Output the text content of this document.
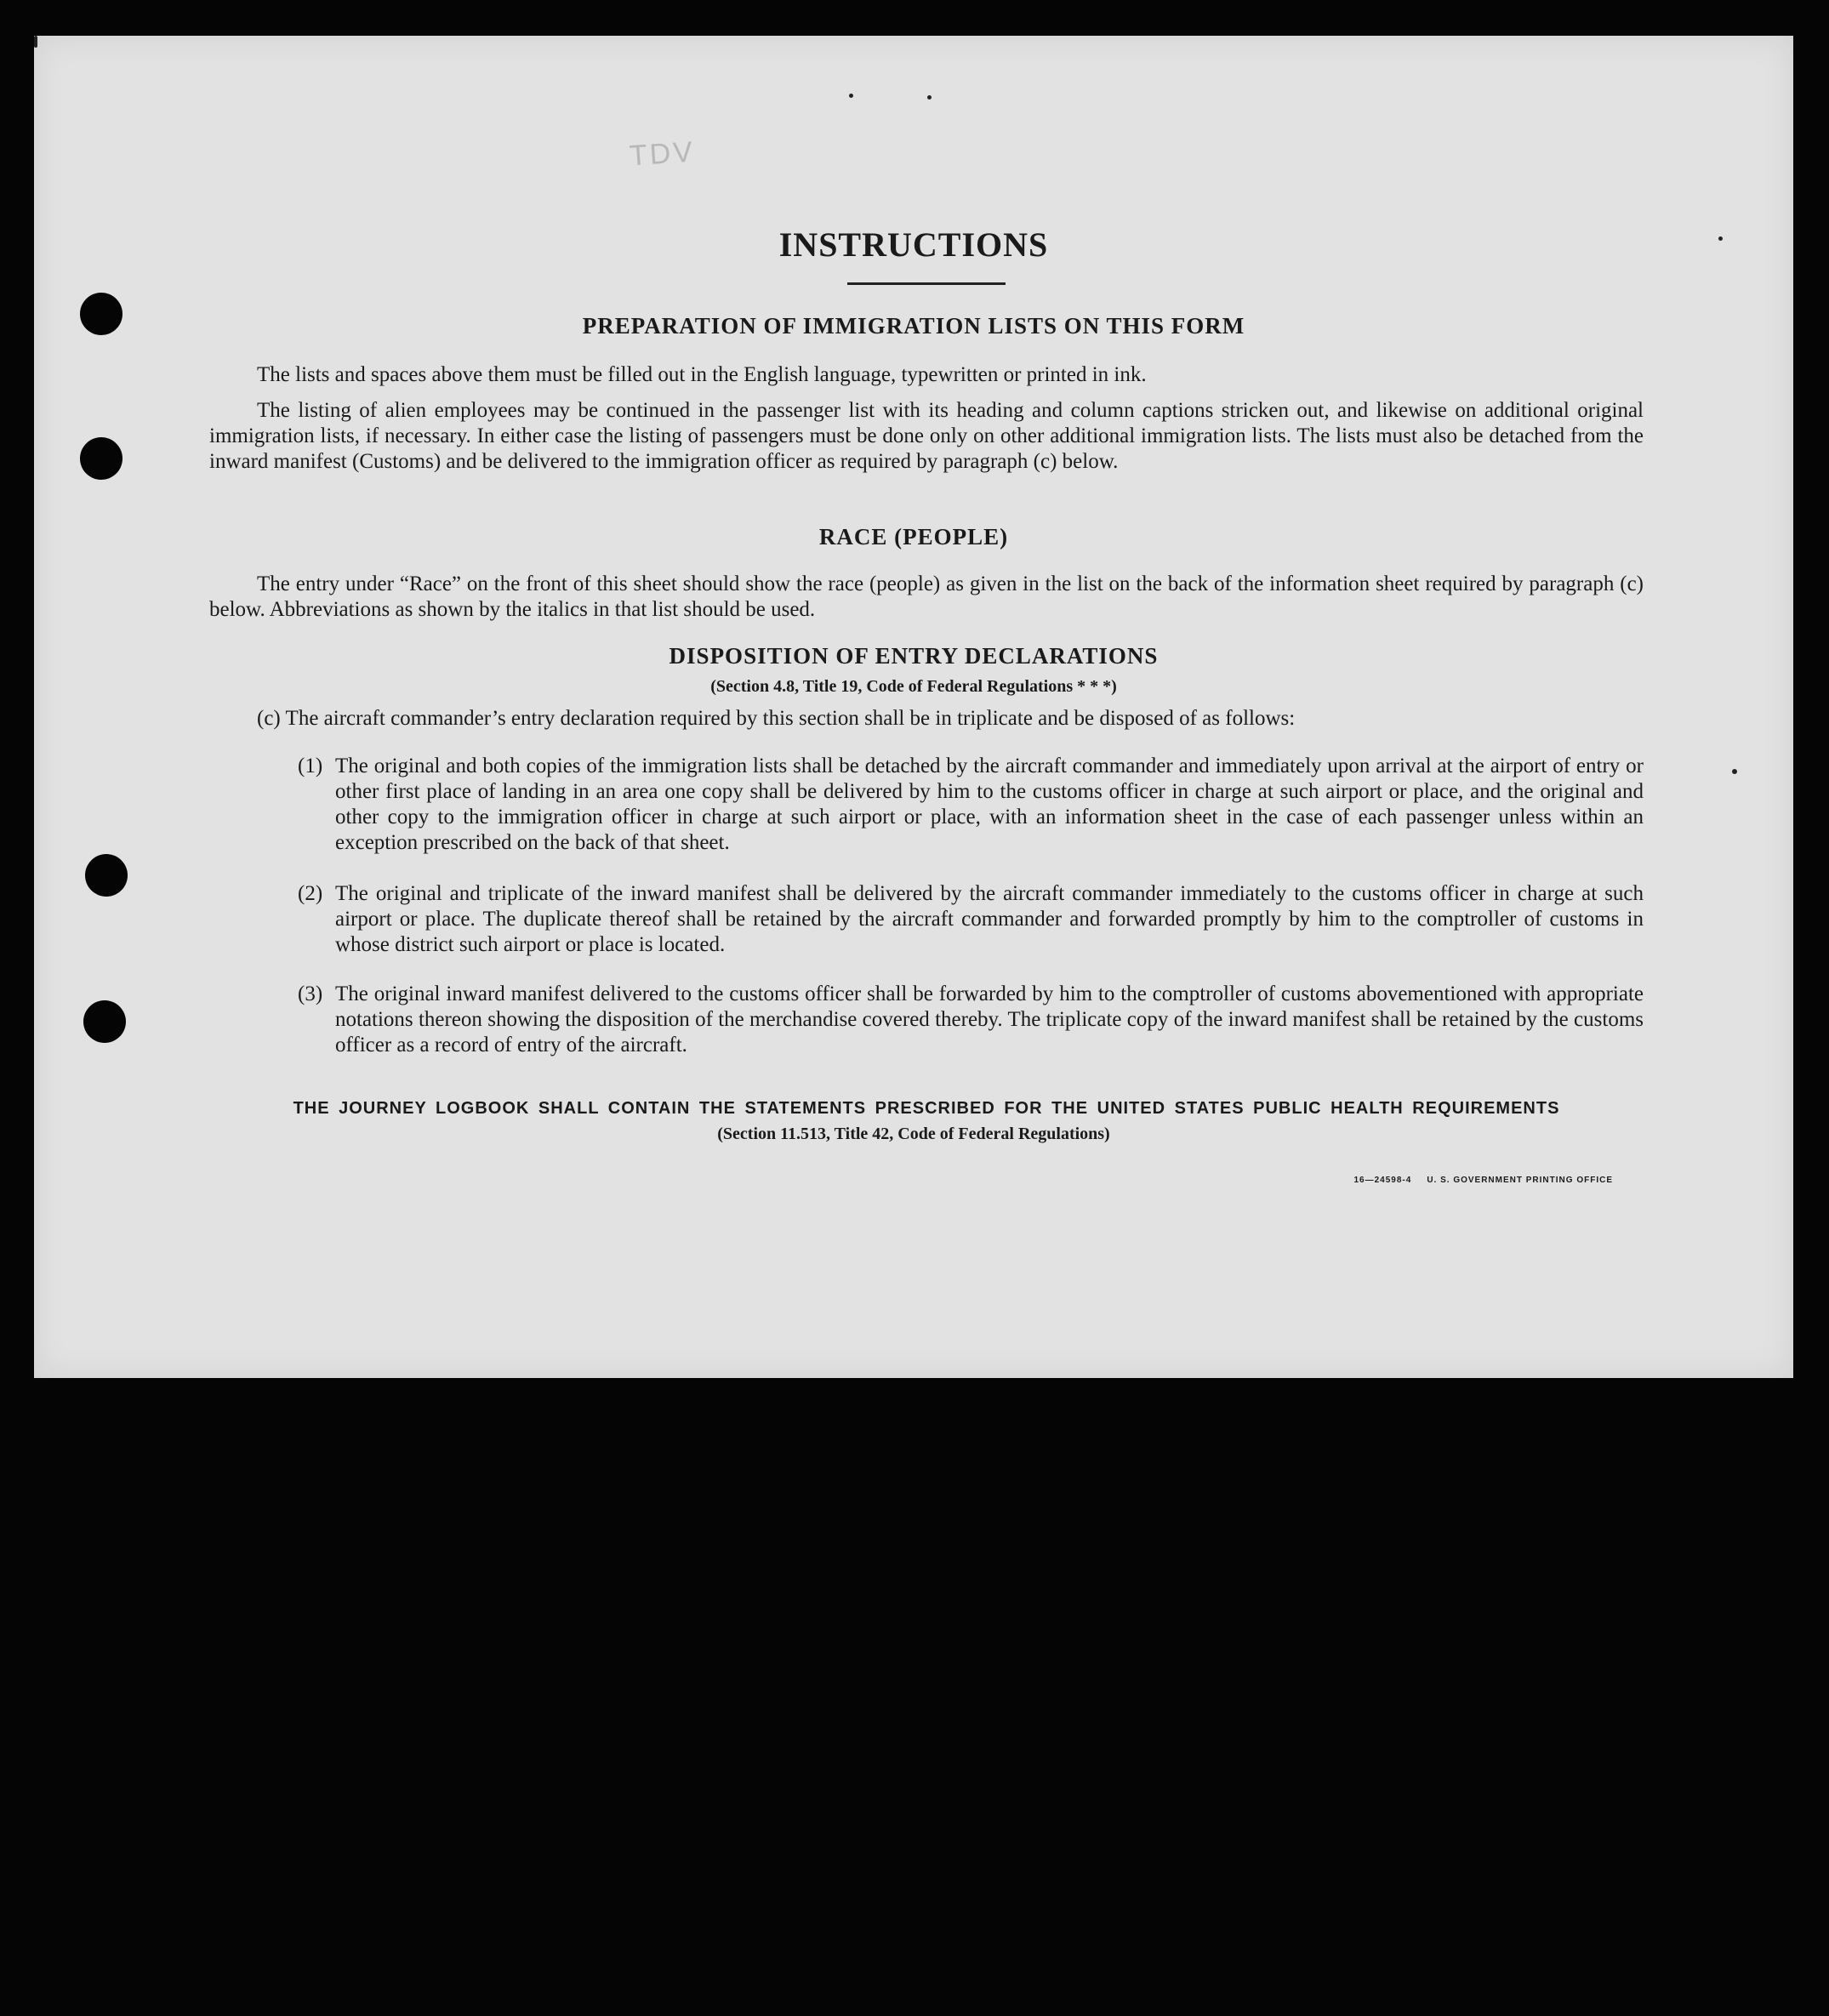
TDV
INSTRUCTIONS
PREPARATION OF IMMIGRATION LISTS ON THIS FORM
The lists and spaces above them must be filled out in the English language, typewritten or printed in ink.
The listing of alien employees may be continued in the passenger list with its heading and column captions stricken out, and likewise on additional original immigration lists, if necessary. In either case the listing of passengers must be done only on other additional immigration lists. The lists must also be detached from the inward manifest (Customs) and be delivered to the immigration officer as required by paragraph (c) below.
RACE (PEOPLE)
The entry under “Race” on the front of this sheet should show the race (people) as given in the list on the back of the information sheet required by paragraph (c) below. Abbreviations as shown by the italics in that list should be used.
DISPOSITION OF ENTRY DECLARATIONS
(Section 4.8, Title 19, Code of Federal Regulations * * *)
(c) The aircraft commander’s entry declaration required by this section shall be in triplicate and be disposed of as follows:
(1) The original and both copies of the immigration lists shall be detached by the aircraft commander and immediately upon arrival at the airport of entry or other first place of landing in an area one copy shall be delivered by him to the customs officer in charge at such airport or place, and the original and other copy to the immigration officer in charge at such airport or place, with an information sheet in the case of each passenger unless within an exception prescribed on the back of that sheet.
(2) The original and triplicate of the inward manifest shall be delivered by the aircraft commander immediately to the customs officer in charge at such airport or place. The duplicate thereof shall be retained by the aircraft commander and forwarded promptly by him to the comptroller of customs in whose district such airport or place is located.
(3) The original inward manifest delivered to the customs officer shall be forwarded by him to the comptroller of customs abovementioned with appropriate notations thereon showing the disposition of the merchandise covered thereby. The triplicate copy of the inward manifest shall be retained by the customs officer as a record of entry of the aircraft.
THE JOURNEY LOGBOOK SHALL CONTAIN THE STATEMENTS PRESCRIBED FOR THE UNITED STATES PUBLIC HEALTH REQUIREMENTS
(Section 11.513, Title 42, Code of Federal Regulations)
16—24598-4 U. S. GOVERNMENT PRINTING OFFICE
